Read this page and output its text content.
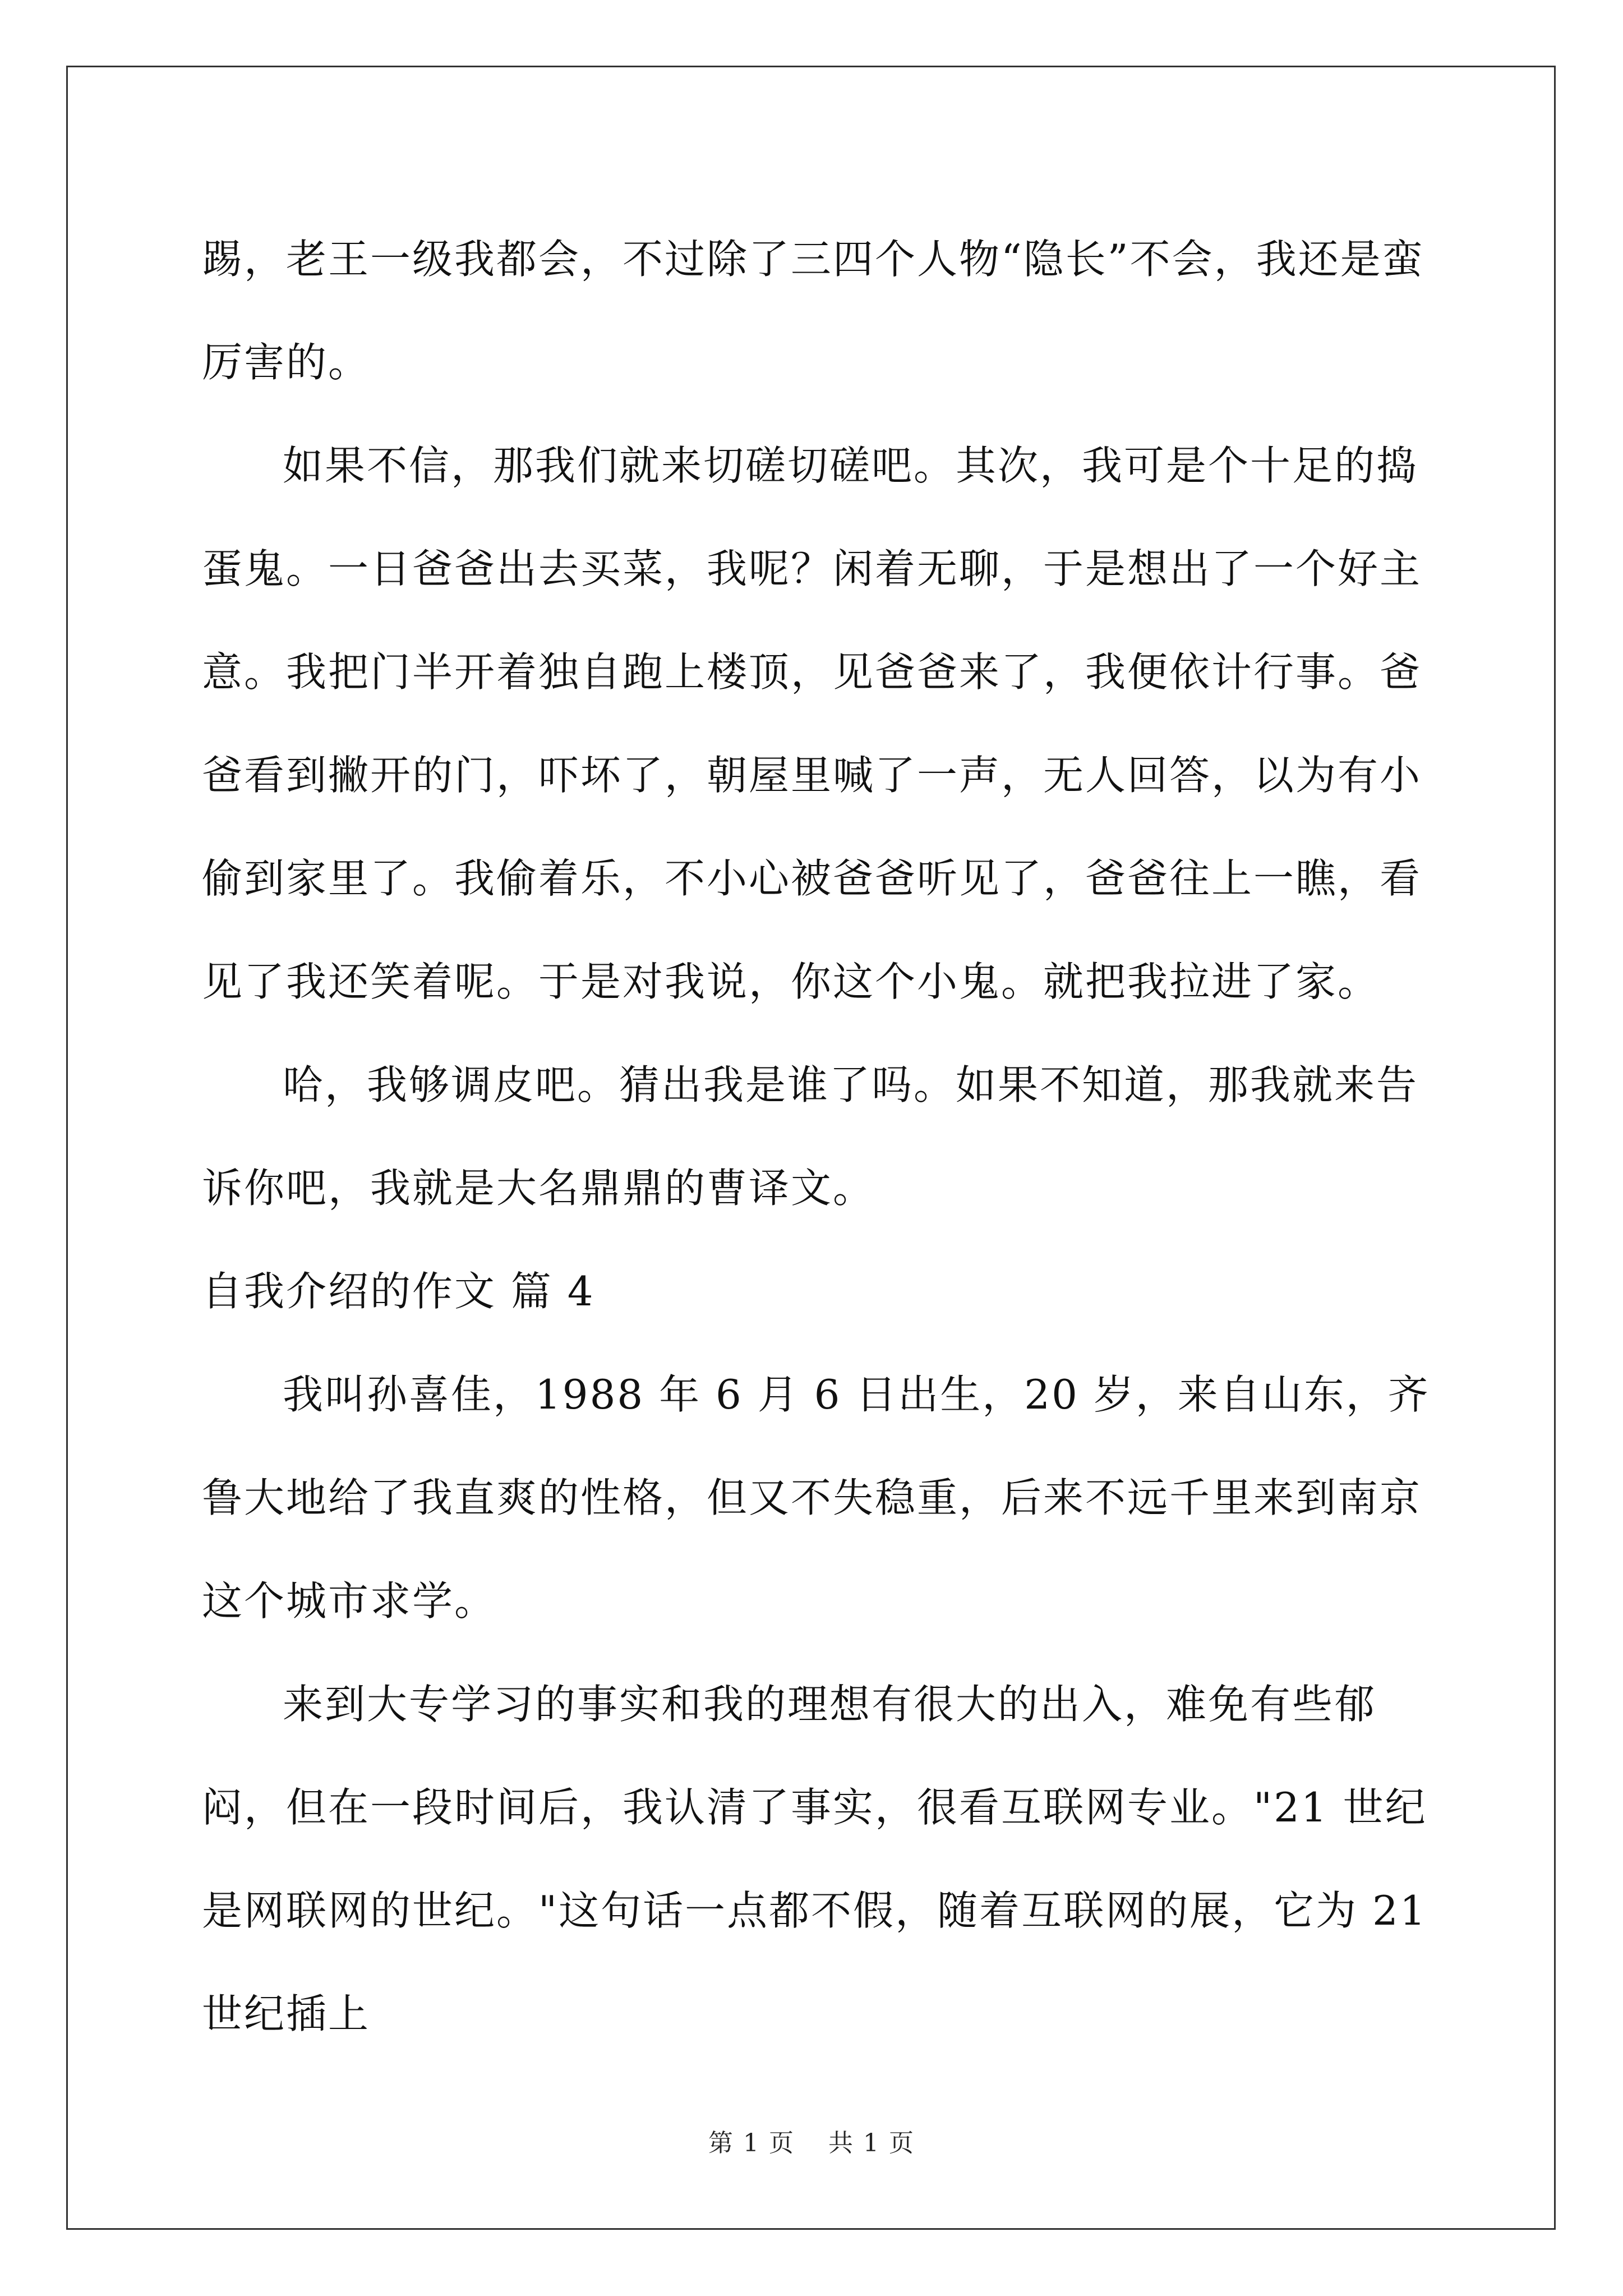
踢，老王一级我都会，不过除了三四个人物“隐长”不会，我还是蛮厉害的。

如果不信，那我们就来切磋切磋吧。其次，我可是个十足的捣蛋鬼。一日爸爸出去买菜，我呢？闲着无聊，于是想出了一个好主意。我把门半开着独自跑上楼顶，见爸爸来了，我便依计行事。爸爸看到撇开的门，吓坏了，朝屋里喊了一声，无人回答，以为有小偷到家里了。我偷着乐，不小心被爸爸听见了，爸爸往上一瞧，看见了我还笑着呢。于是对我说，你这个小鬼。就把我拉进了家。

哈，我够调皮吧。猜出我是谁了吗。如果不知道，那我就来告诉你吧，我就是大名鼎鼎的曹译文。

自我介绍的作文 篇 4

我叫孙喜佳，1988 年 6 月 6 日出生，20 岁，来自山东，齐鲁大地给了我直爽的性格，但又不失稳重，后来不远千里来到南京这个城市求学。

来到大专学习的事实和我的理想有很大的出入，难免有些郁闷，但在一段时间后，我认清了事实，很看互联网专业。"21 世纪是网联网的世纪。"这句话一点都不假，随着互联网的展，它为 21 世纪插上

第 1 页 共 1 页
